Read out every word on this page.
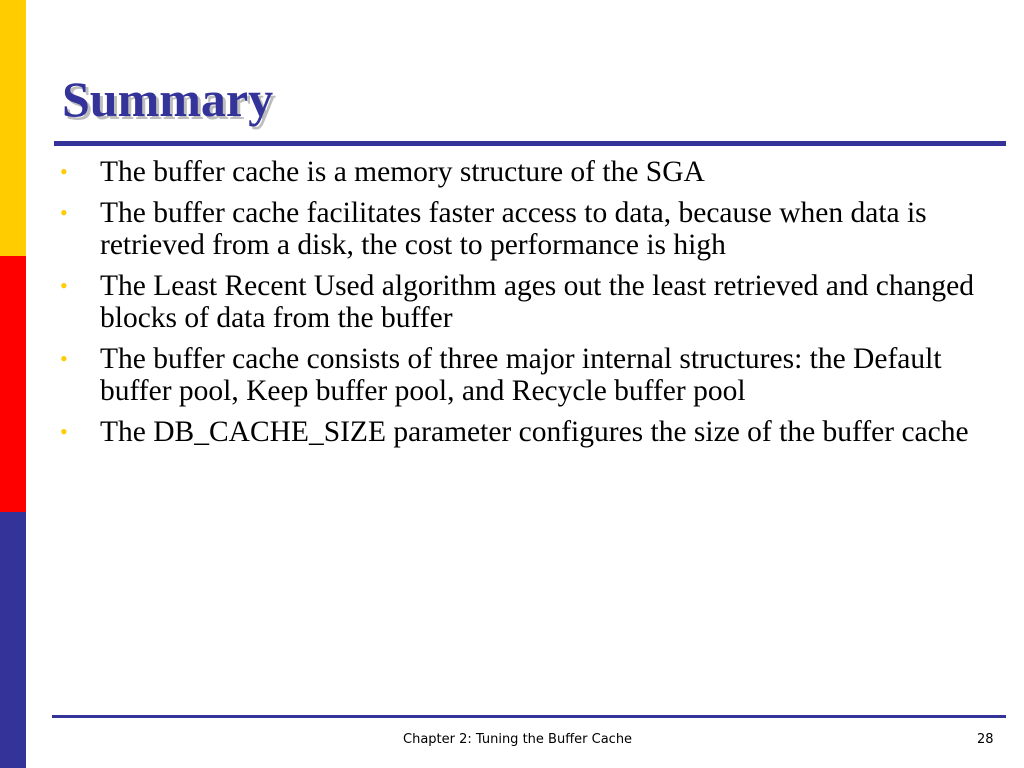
Summary
• The buffer cache is a memory structure of the SGA
• The buffer cache facilitates faster access to data, because when data is retrieved from a disk, the cost to performance is high
• The Least Recent Used algorithm ages out the least retrieved and changed blocks of data from the buffer
• The buffer cache consists of three major internal structures: the Default buffer pool, Keep buffer pool, and Recycle buffer pool
• The DB_CACHE_SIZE parameter configures the size of the buffer cache
Chapter 2: Tuning the Buffer Cache	28
